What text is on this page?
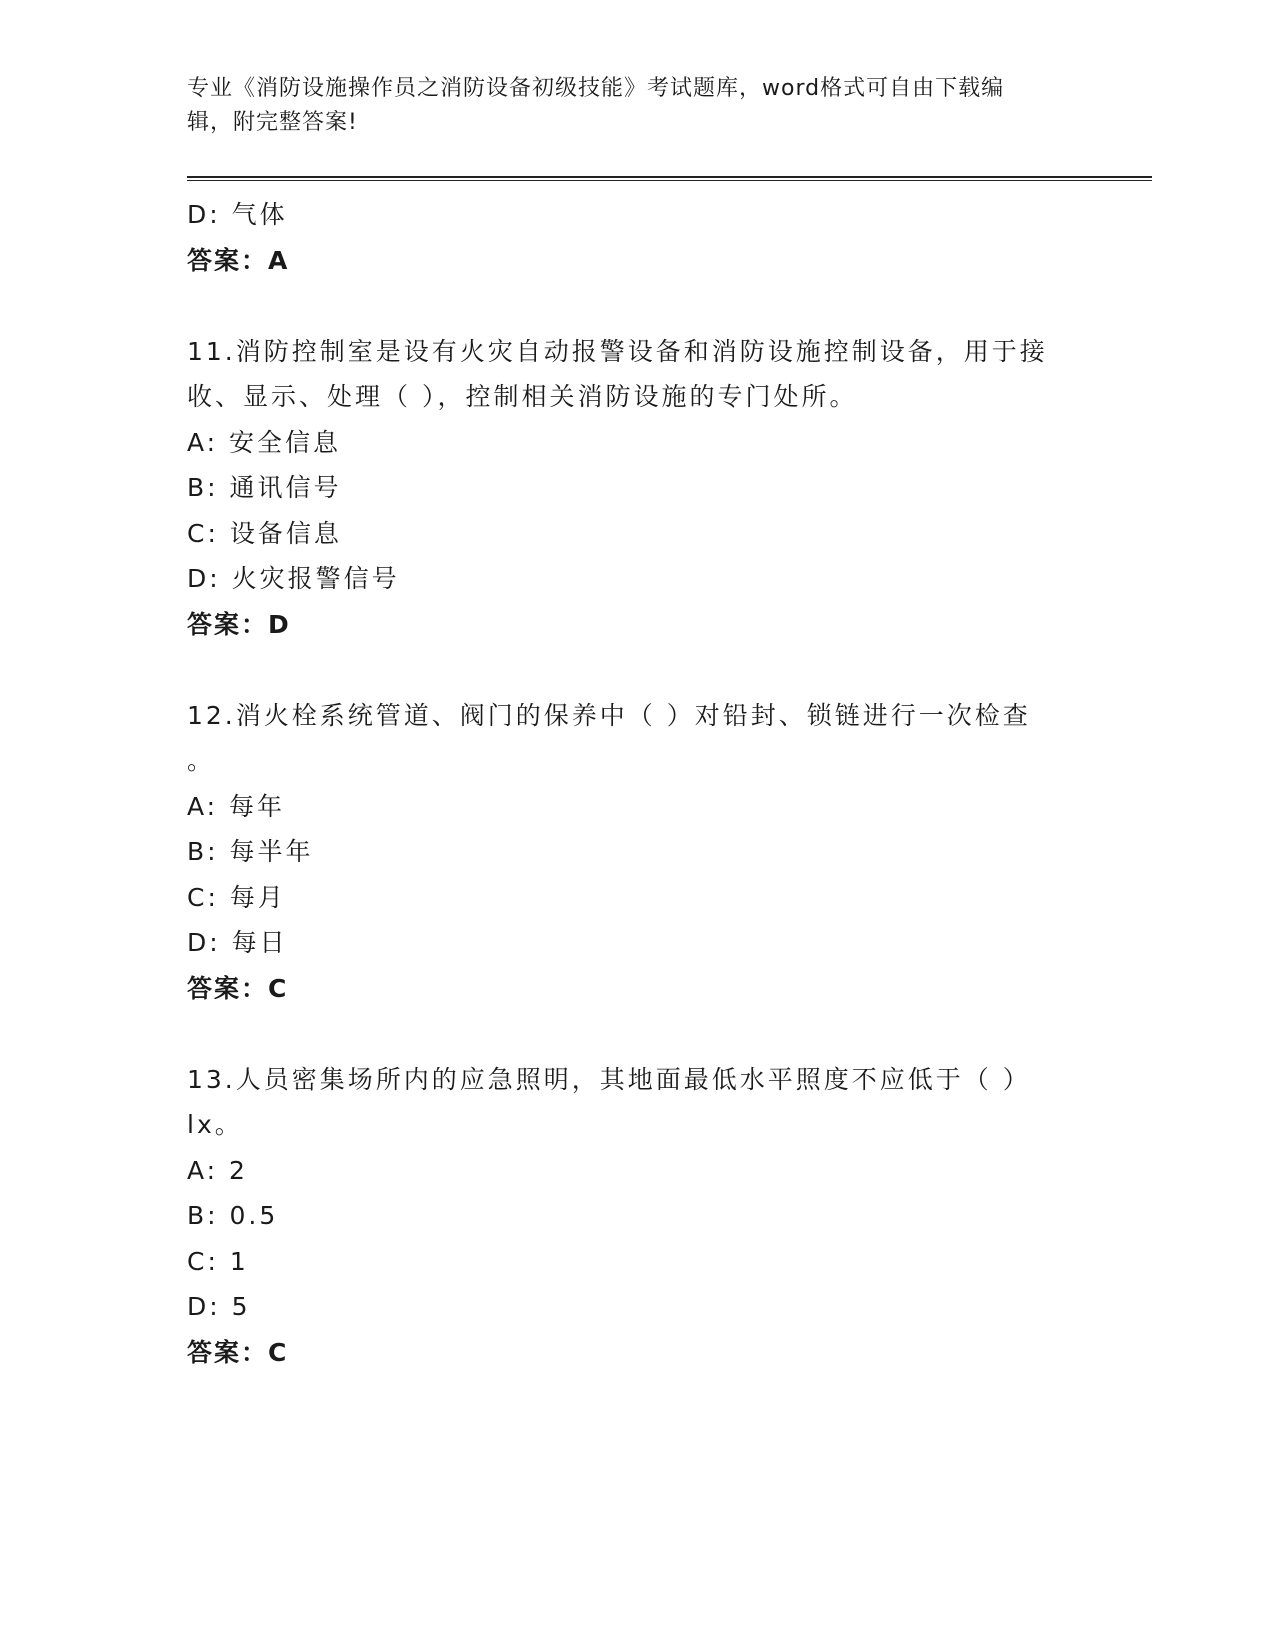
专业《消防设施操作员之消防设备初级技能》考试题库，word格式可自由下载编
辑，附完整答案!
D: 气体
答案：A
11.消防控制室是设有火灾自动报警设备和消防设施控制设备，用于接
收、显示、处理（ ），控制相关消防设施的专门处所。
A: 安全信息
B: 通讯信号
C: 设备信息
D: 火灾报警信号
答案：D
12.消火栓系统管道、阀门的保养中（ ）对铅封、锁链进行一次检查
。
A: 每年
B: 每半年
C: 每月
D: 每日
答案：C
13.人员密集场所内的应急照明，其地面最低水平照度不应低于（ ）
lx。
A: 2
B: 0.5
C: 1
D: 5
答案：C
